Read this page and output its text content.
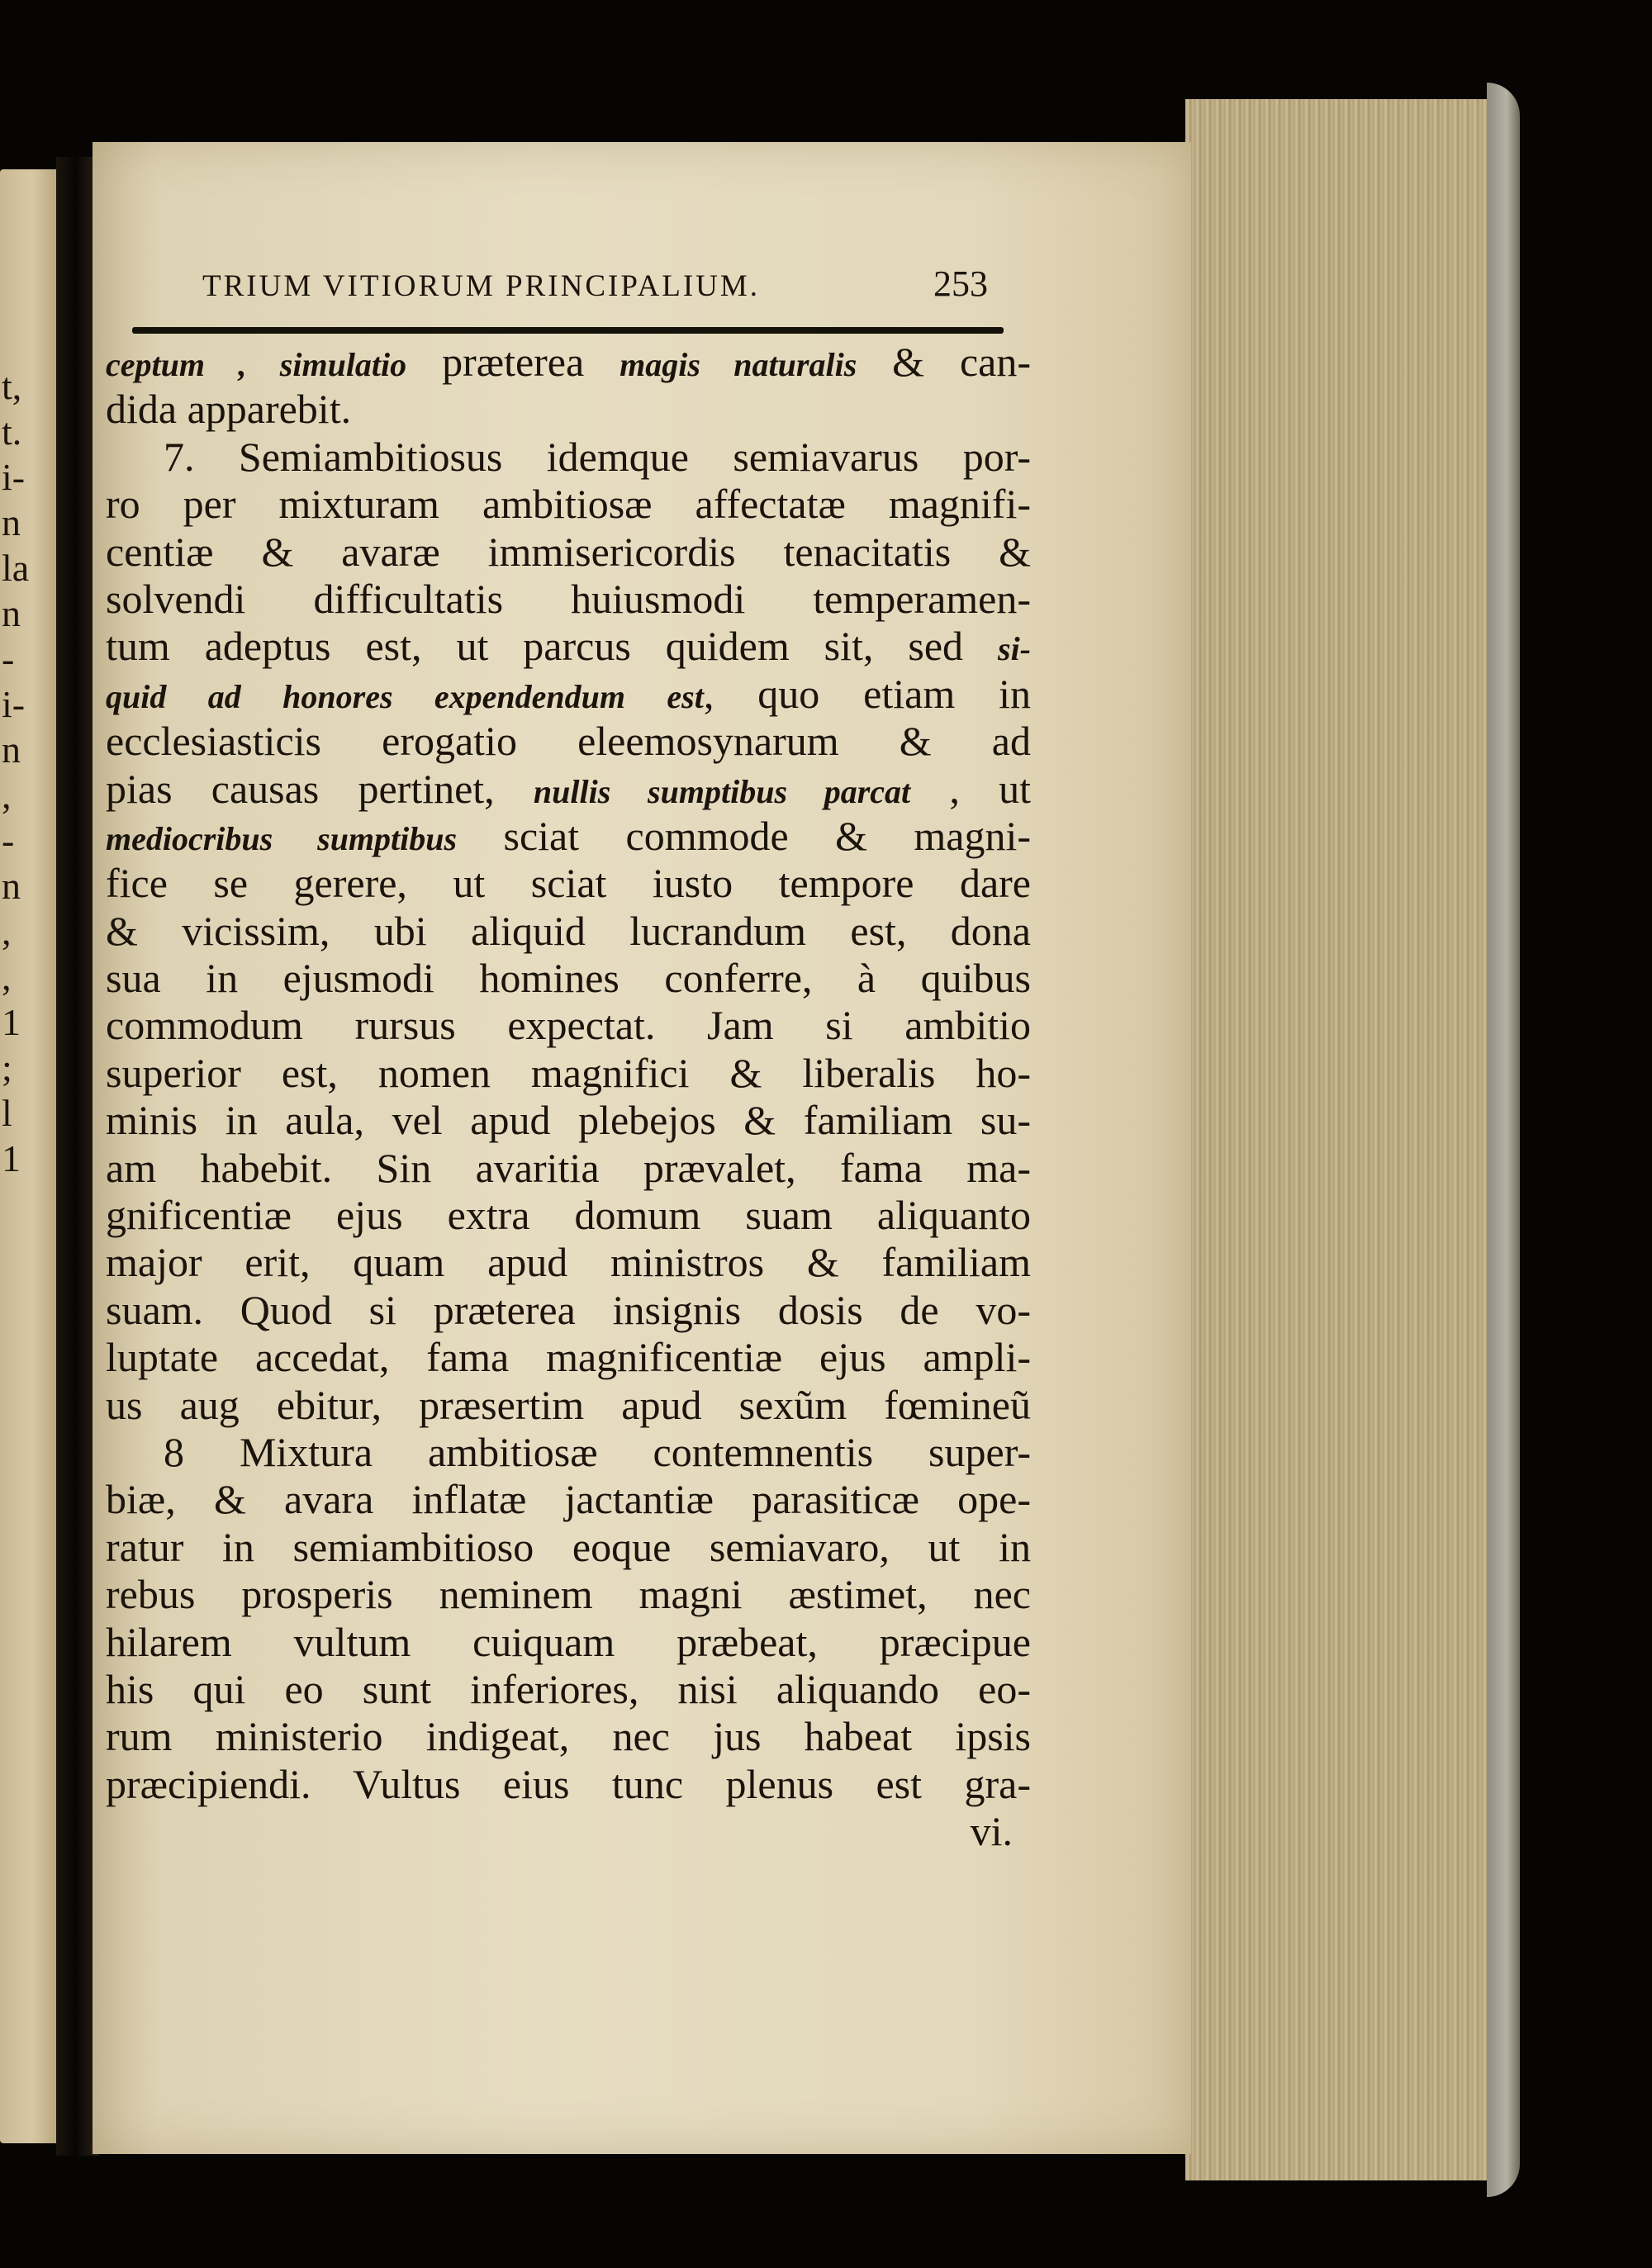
t,
t.
i-
n
la
n
-
i-
n
,
-
n
,
,
1
;
l
1
TRIUM VITIORUM PRINCIPALIUM.	253
ceptum , simulatio præterea magis naturalis & can-
dida apparebit.
7. Semiambitiosus idemque semiavarus por-
ro per mixturam ambitiosæ affectatæ magnifi-
centiæ & avaræ immisericordis tenacitatis &
solvendi difficultatis huiusmodi temperamen-
tum adeptus est, ut parcus quidem sit, sed si-
quid ad honores expendendum est, quo etiam in
ecclesiasticis erogatio eleemosynarum & ad
pias causas pertinet, nullis sumptibus parcat , ut
mediocribus sumptibus sciat commode & magni-
fice se gerere, ut sciat iusto tempore dare
& vicissim, ubi aliquid lucrandum est, dona
sua in ejusmodi homines conferre, à quibus
commodum rursus expectat. Jam si ambitio
superior est, nomen magnifici & liberalis ho-
minis in aula, vel apud plebejos & familiam su-
am habebit. Sin avaritia prævalet, fama ma-
gnificentiæ ejus extra domum suam aliquanto
major erit, quam apud ministros & familiam
suam. Quod si præterea insignis dosis de vo-
luptate accedat, fama magnificentiæ ejus ampli-
us aug ebitur, præsertim apud sexũm fœmineũ
8 Mixtura ambitiosæ contemnentis super-
biæ, & avara inflatæ jactantiæ parasiticæ ope-
ratur in semiambitioso eoque semiavaro, ut in
rebus prosperis neminem magni æstimet, nec
hilarem vultum cuiquam præbeat, præcipue
his qui eo sunt inferiores, nisi aliquando eo-
rum ministerio indigeat, nec jus habeat ipsis
præcipiendi. Vultus eius tunc plenus est gra-
vi.
